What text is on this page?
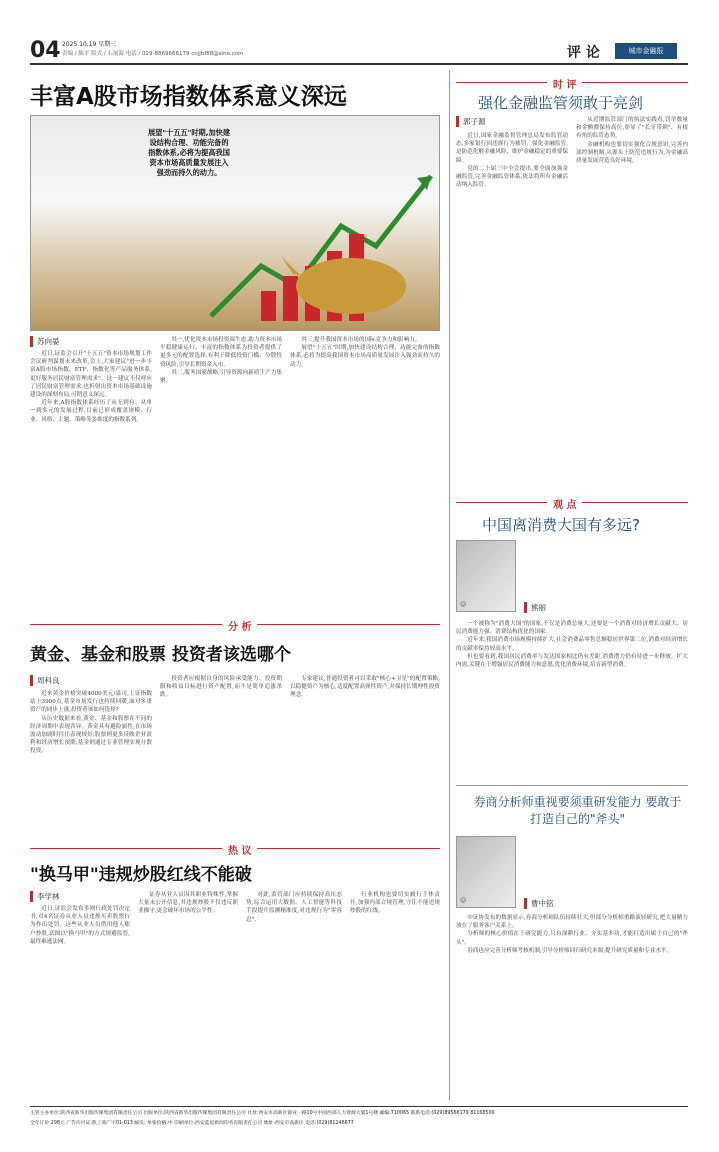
04 2025.10.19 星期三
责编 / 陈平 版式 / 石展海 电话 / 029-8869666179 cnjjbf88@sina.com	评 论	城市金融报
丰富A股市场指数体系意义深远
展望"十五五"时期,加快建设结构合理、功能完备的指数体系,必将为提高我国资本市场高质量发展注入强劲而持久的动力。
苏向晏

近日,证监会召开"十五五"资本市场规划工作会议研判谋划未来改革,会上,大家建议"进一步丰富A股市场指数、ETF、指数化等产品服务体系,更好服务居民财富管理需求"。这一建议不仅呼应了居民财富管理需求,也折射出资本市场基础设施建设的深刻布局,可谓意义深远。

近年来,A股指数体系经历了从无到有、从单一到多元的发展过程,目前已形成覆盖规模、行业、风格、主题、策略等多维度的指数系列。

其一,优化资本市场投资端生态,助力资本市场平稳健康运行。丰富的指数体系为投资者提供了更多元的配置选择,有利于降低投资门槛、分散投资风险,引导长期资金入市。

其二,服务国家战略,引导资源向新质生产力集聚。

其三,提升我国资本市场的国际竞争力和影响力。

展望"十五五"时期,加快建设结构合理、功能完备的指数体系,必将为提高我国资本市场高质量发展注入强劲而持久的动力。

分 析
黄金、基金和股票 投资者该选哪个
周科良

近来黄金价格突破4000美元/盎司,上证指数站上3900点,基金市场发行也持续回暖,面对多重资产的同步上涨,投资者该如何选择?

从历史数据来看,黄金、基金和股票在不同的经济周期中表现各异。黄金具有避险属性,在市场波动加剧时往往表现较好;股票则更多反映企业盈利和经济增长预期;基金则通过专业管理实现分散投资。

投资者应根据自身的风险承受能力、投资期限和收益目标进行资产配置,而不是简单追涨杀跌。

专家建议,普通投资者可以采取"核心+卫星"的配置策略,以稳健资产为核心,适度配置高弹性资产,并保持长期理性投资理念。

热 议
"换马甲"违规炒股红线不能破
李学林

近日,证监会发布多则行政处罚决定书,对4名证券从业人员违规买卖股票行为作出处罚。这些从业人员借用他人账户炒股,试图以"换马甲"的方式规避监管,最终难逃法网。

证券从业人员因其职业特殊性,掌握大量未公开信息,其违规炒股不仅违反职业操守,更会破坏市场的公平性。

对此,监管部门应持续保持高压态势,综合运用大数据、人工智能等科技手段提升监测精准度,对违规行为"零容忍"。

行业机构也要切实履行主体责任,加强内部合规管理,守住不能违规炒股的红线。

时 评
强化金融监管须敢于亮剑
郭子源

近日,国家金融监督管理总局发布监管动态,多家银行因违规行为被罚。强化金融监管,是防范化解金融风险、维护金融稳定的重要保障。

党的二十届三中全会提出,要全面加强金融监管,完善金融监管体系,依法将所有金融活动纳入监管。

从近期监管部门的执法实践看,罚单数量和金额都保持高位,彰显了"长牙带刺"、有棱有角的监管态势。

金融机构也要切实强化合规意识,完善内部控制机制,从源头上防范违规行为,为金融高质量发展营造良好环境。

观 点
中国离消费大国有多远?
☺	熊丽

一个被称为"消费大国"的国家,不仅是消费总量大,还要是一个消费对经济增长贡献大、居民消费能力强、消费结构优化的国家。

近年来,我国消费市场规模持续扩大,社会消费品零售总额稳居世界第二位,消费对经济增长的贡献率保持较高水平。

但也要看到,我国居民消费率与发达国家相比仍有差距,消费潜力仍有待进一步释放。扩大内需,关键在于增强居民消费能力和意愿,优化消费环境,培育新型消费。

券商分析师重视要须重研发能力 要敢于打造自己的"斧头"
☺	曹中铭

中证协发布的数据显示,券商分析师队伍持续壮大,但部分分析师重路演轻研究,把大量精力放在了服务客户关系上。

分析师的核心价值在于研究能力,只有深耕行业、夯实基本功,才能打造出属于自己的"斧头"。

券商也应完善分析师考核机制,引导分析师回归研究本源,提升研究质量和专业水平。

主管主办单位:陕西省新华出版传媒集团有限责任公司 出版单位:陕西省新华出版传媒集团有限责任公司 社址:西安市高新区锦业一路10号中国西部人力资源大厦1号楼 邮编:710065 联系电话:(029)89566179 81168500
全年订价:298元 广告许可证:陕工商广字01-013 邮发: 单张价格:中 印刷单位:西安蓝星新闻印务有限责任公司 地址:西安市高新区 电话:(029)81246677
